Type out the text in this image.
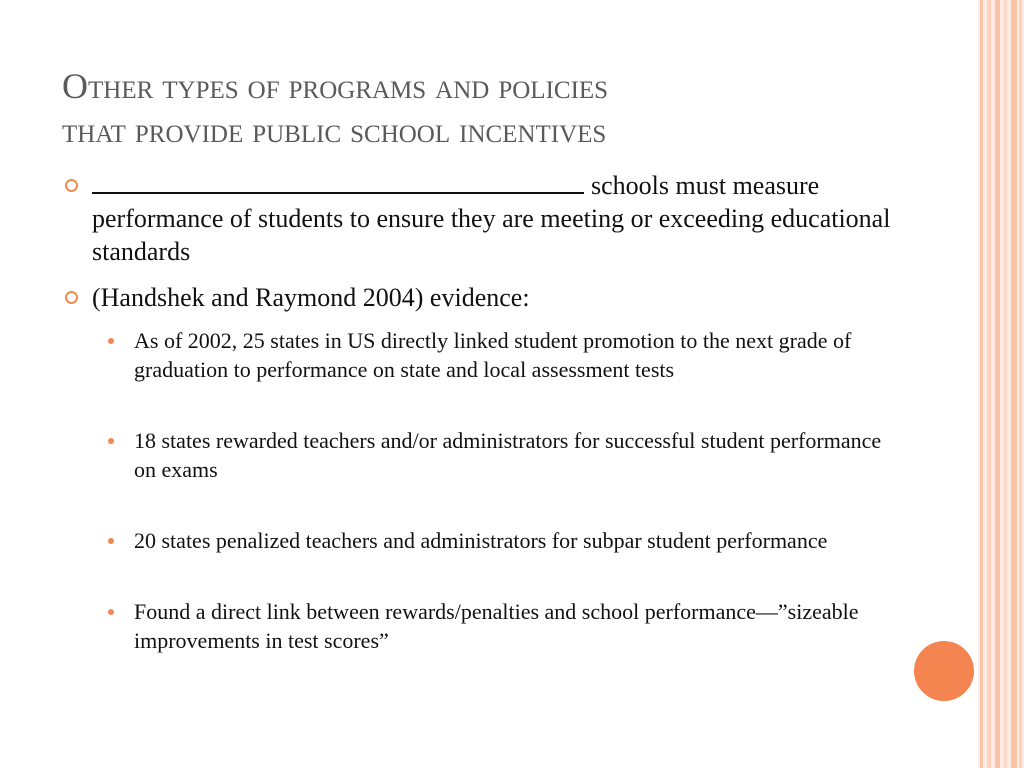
Other types of programs and policies
that provide public school incentives
schools must measure performance of students to ensure they are meeting or exceeding educational standards
(Handshek and Raymond 2004) evidence:
As of 2002, 25 states in US directly linked student promotion to the next grade of graduation to performance on state and local assessment tests
18 states rewarded teachers and/or administrators for successful student performance on exams
20 states penalized teachers and administrators for subpar student performance
Found a direct link between rewards/penalties and school performance—”sizeable improvements in test scores”
